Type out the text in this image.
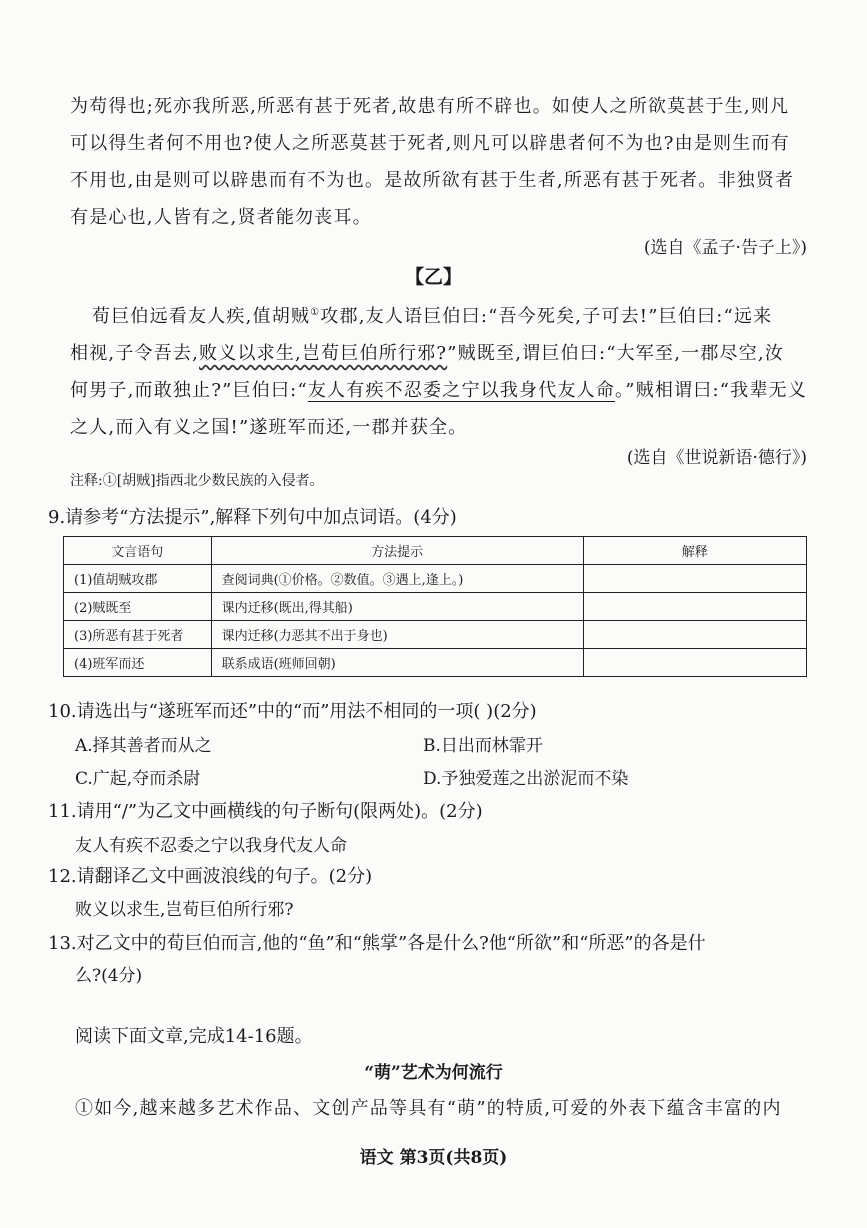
为苟得也;死亦我所恶,所恶有甚于死者,故患有所不辟也。如使人之所欲莫甚于生,则凡
可以得生者何不用也?使人之所恶莫甚于死者,则凡可以辟患者何不为也?由是则生而有
不用也,由是则可以辟患而有不为也。是故所欲有甚于生者,所恶有甚于死者。非独贤者
有是心也,人皆有之,贤者能勿丧耳。
(选自《孟子·告子上》)
【乙】
荀巨伯远看友人疾,值胡贼①攻郡,友人语巨伯曰:“吾今死矣,子可去!”巨伯曰:“远来
相视,子令吾去,败义以求生,岂荀巨伯所行邪?”贼既至,谓巨伯曰:“大军至,一郡尽空,汝
何男子,而敢独止?”巨伯曰:“友人有疾不忍委之宁以我身代友人命。”贼相谓曰:“我辈无义
之人,而入有义之国!”遂班军而还,一郡并获全。
(选自《世说新语·德行》)
注释:①[胡贼]指西北少数民族的入侵者。
9.请参考“方法提示”,解释下列句中加点词语。(4分)
文言语句	方法提示	解释
(1)值胡贼攻郡	查阅词典(①价格。②数值。③遇上,逢上。)	
(2)贼既至	课内迁移(既出,得其船)	
(3)所恶有甚于死者	课内迁移(力恶其不出于身也)	
(4)班军而还	联系成语(班师回朝)	
10.请选出与“遂班军而还”中的“而”用法不相同的一项( )(2分)
A.择其善者而从之	B.日出而林霏开
C.广起,夺而杀尉	D.予独爱莲之出淤泥而不染
11.请用“/”为乙文中画横线的句子断句(限两处)。(2分)
友人有疾不忍委之宁以我身代友人命
12.请翻译乙文中画波浪线的句子。(2分)
败义以求生,岂荀巨伯所行邪?
13.对乙文中的荀巨伯而言,他的“鱼”和“熊掌”各是什么?他“所欲”和“所恶”的各是什
么?(4分)
阅读下面文章,完成14-16题。
“萌”艺术为何流行
①如今,越来越多艺术作品、文创产品等具有“萌”的特质,可爱的外表下蕴含丰富的内
语文 第3页(共8页)
